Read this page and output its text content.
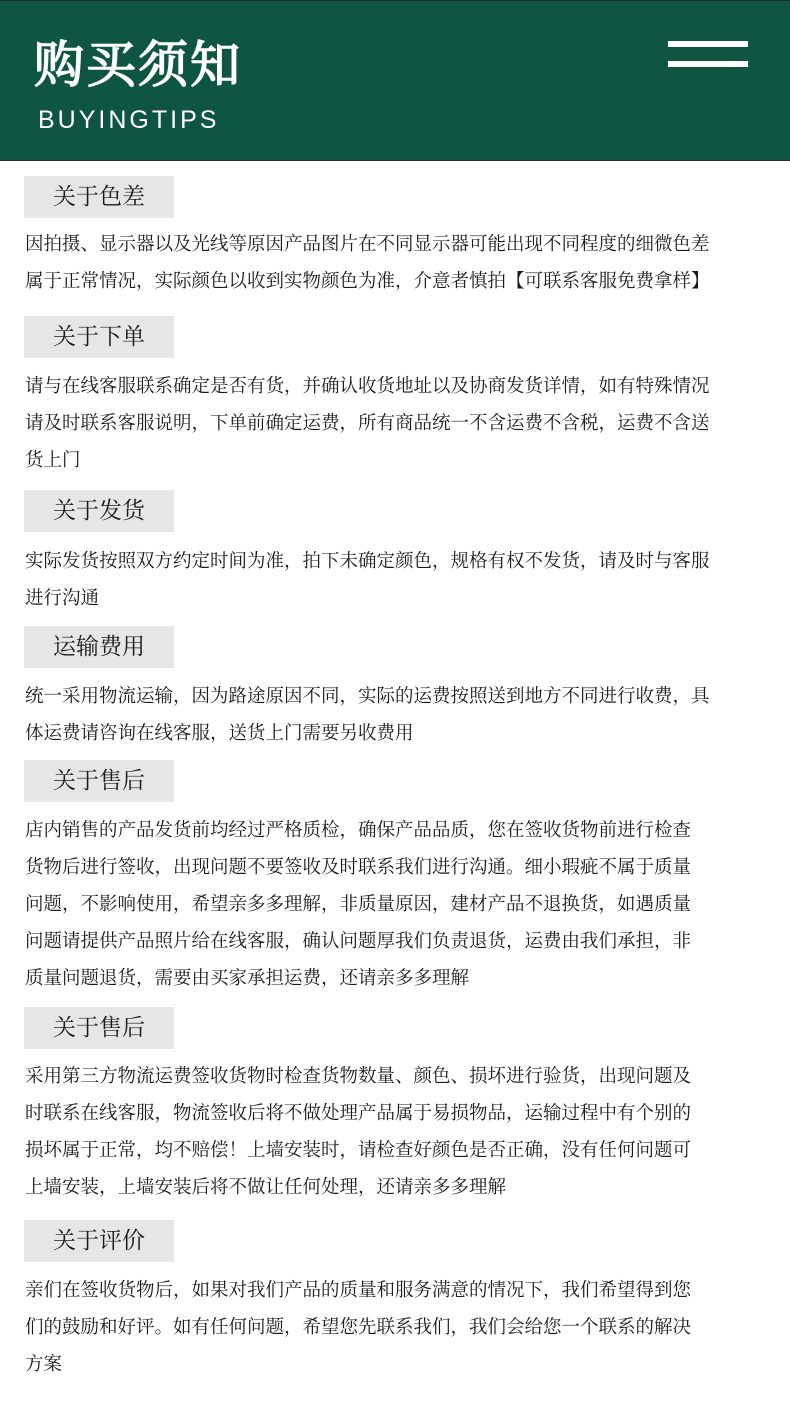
购买须知
BUYINGTIPS
关于色差
因拍摄、显示器以及光线等原因产品图片在不同显示器可能出现不同程度的细微色差
属于正常情况，实际颜色以收到实物颜色为准，介意者慎拍【可联系客服免费拿样】
关于下单
请与在线客服联系确定是否有货，并确认收货地址以及协商发货详情，如有特殊情况
请及时联系客服说明，下单前确定运费，所有商品统一不含运费不含税，运费不含送
货上门
关于发货
实际发货按照双方约定时间为准，拍下未确定颜色，规格有权不发货，请及时与客服
进行沟通
运输费用
统一采用物流运输，因为路途原因不同，实际的运费按照送到地方不同进行收费，具
体运费请咨询在线客服，送货上门需要另收费用
关于售后
店内销售的产品发货前均经过严格质检，确保产品品质，您在签收货物前进行检查
货物后进行签收，出现问题不要签收及时联系我们进行沟通。细小瑕疵不属于质量
问题，不影响使用，希望亲多多理解，非质量原因，建材产品不退换货，如遇质量
问题请提供产品照片给在线客服，确认问题厚我们负责退货，运费由我们承担，非
质量问题退货，需要由买家承担运费，还请亲多多理解
关于售后
采用第三方物流运费签收货物时检查货物数量、颜色、损坏进行验货，出现问题及
时联系在线客服，物流签收后将不做处理产品属于易损物品，运输过程中有个别的
损坏属于正常，均不赔偿！上墙安装时，请检查好颜色是否正确，没有任何问题可
上墙安装，上墙安装后将不做让任何处理，还请亲多多理解
关于评价
亲们在签收货物后，如果对我们产品的质量和服务满意的情况下，我们希望得到您
们的鼓励和好评。如有任何问题，希望您先联系我们，我们会给您一个联系的解决
方案
